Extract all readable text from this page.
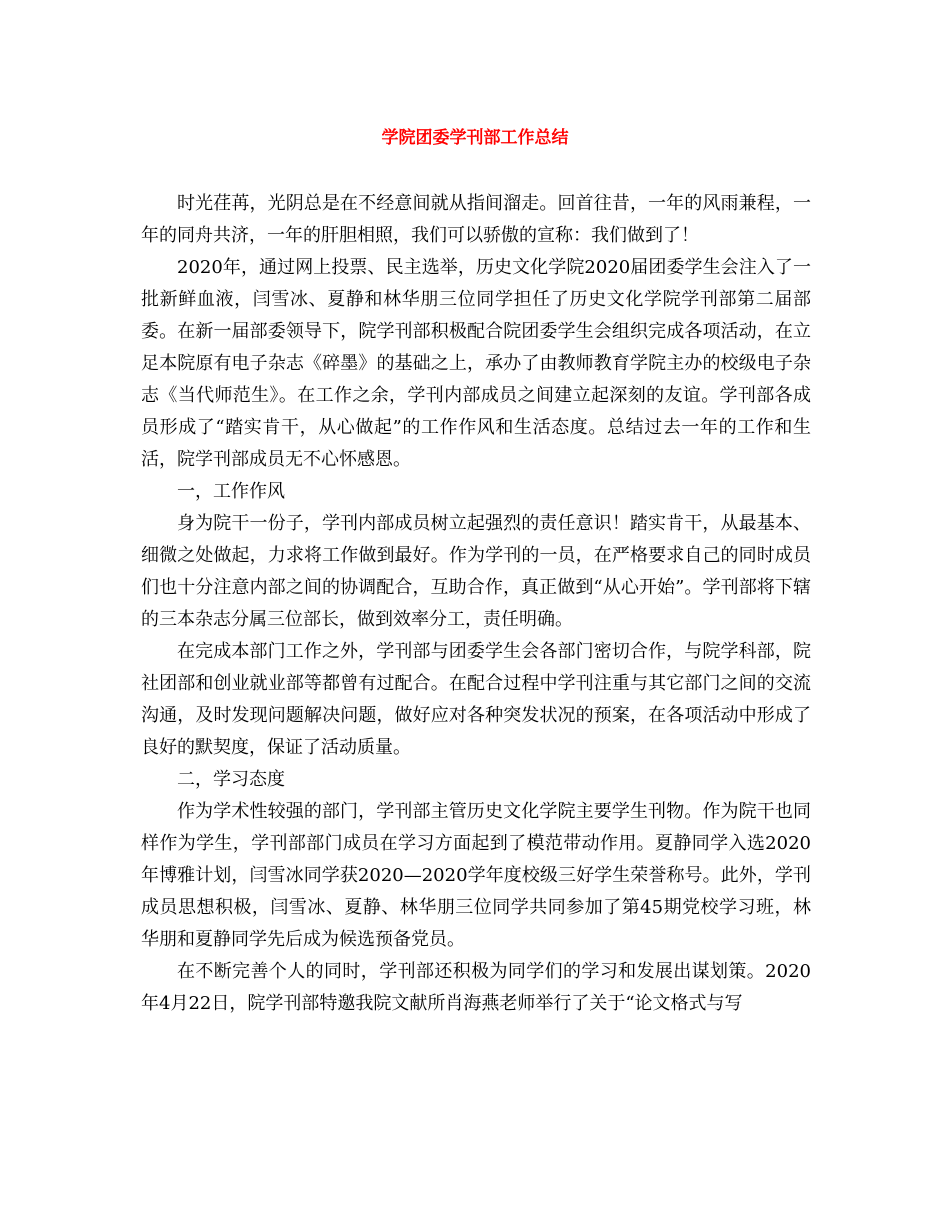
学院团委学刊部工作总结

时光荏苒，光阴总是在不经意间就从指间溜走。回首往昔，一年的风雨兼程，一年的同舟共济，一年的肝胆相照，我们可以骄傲的宣称：我们做到了！

2020年，通过网上投票、民主选举，历史文化学院2020届团委学生会注入了一批新鲜血液，闫雪冰、夏静和林华朋三位同学担任了历史文化学院学刊部第二届部委。在新一届部委领导下，院学刊部积极配合院团委学生会组织完成各项活动，在立足本院原有电子杂志《碎墨》的基础之上，承办了由教师教育学院主办的校级电子杂志《当代师范生》。在工作之余，学刊内部成员之间建立起深刻的友谊。学刊部各成员形成了“踏实肯干，从心做起”的工作作风和生活态度。总结过去一年的工作和生活，院学刊部成员无不心怀感恩。

一，工作作风

身为院干一份子，学刊内部成员树立起强烈的责任意识！踏实肯干，从最基本、细微之处做起，力求将工作做到最好。作为学刊的一员，在严格要求自己的同时成员们也十分注意内部之间的协调配合，互助合作，真正做到“从心开始”。学刊部将下辖的三本杂志分属三位部长，做到效率分工，责任明确。

在完成本部门工作之外，学刊部与团委学生会各部门密切合作，与院学科部，院社团部和创业就业部等都曾有过配合。在配合过程中学刊注重与其它部门之间的交流沟通，及时发现问题解决问题，做好应对各种突发状况的预案，在各项活动中形成了良好的默契度，保证了活动质量。

二，学习态度

作为学术性较强的部门，学刊部主管历史文化学院主要学生刊物。作为院干也同样作为学生，学刊部部门成员在学习方面起到了模范带动作用。夏静同学入选2020年博雅计划，闫雪冰同学获2020—2020学年度校级三好学生荣誉称号。此外，学刊成员思想积极，闫雪冰、夏静、林华朋三位同学共同参加了第45期党校学习班，林华朋和夏静同学先后成为候选预备党员。

在不断完善个人的同时，学刊部还积极为同学们的学习和发展出谋划策。2020年4月22日，院学刊部特邀我院文献所肖海燕老师举行了关于“论文格式与写
